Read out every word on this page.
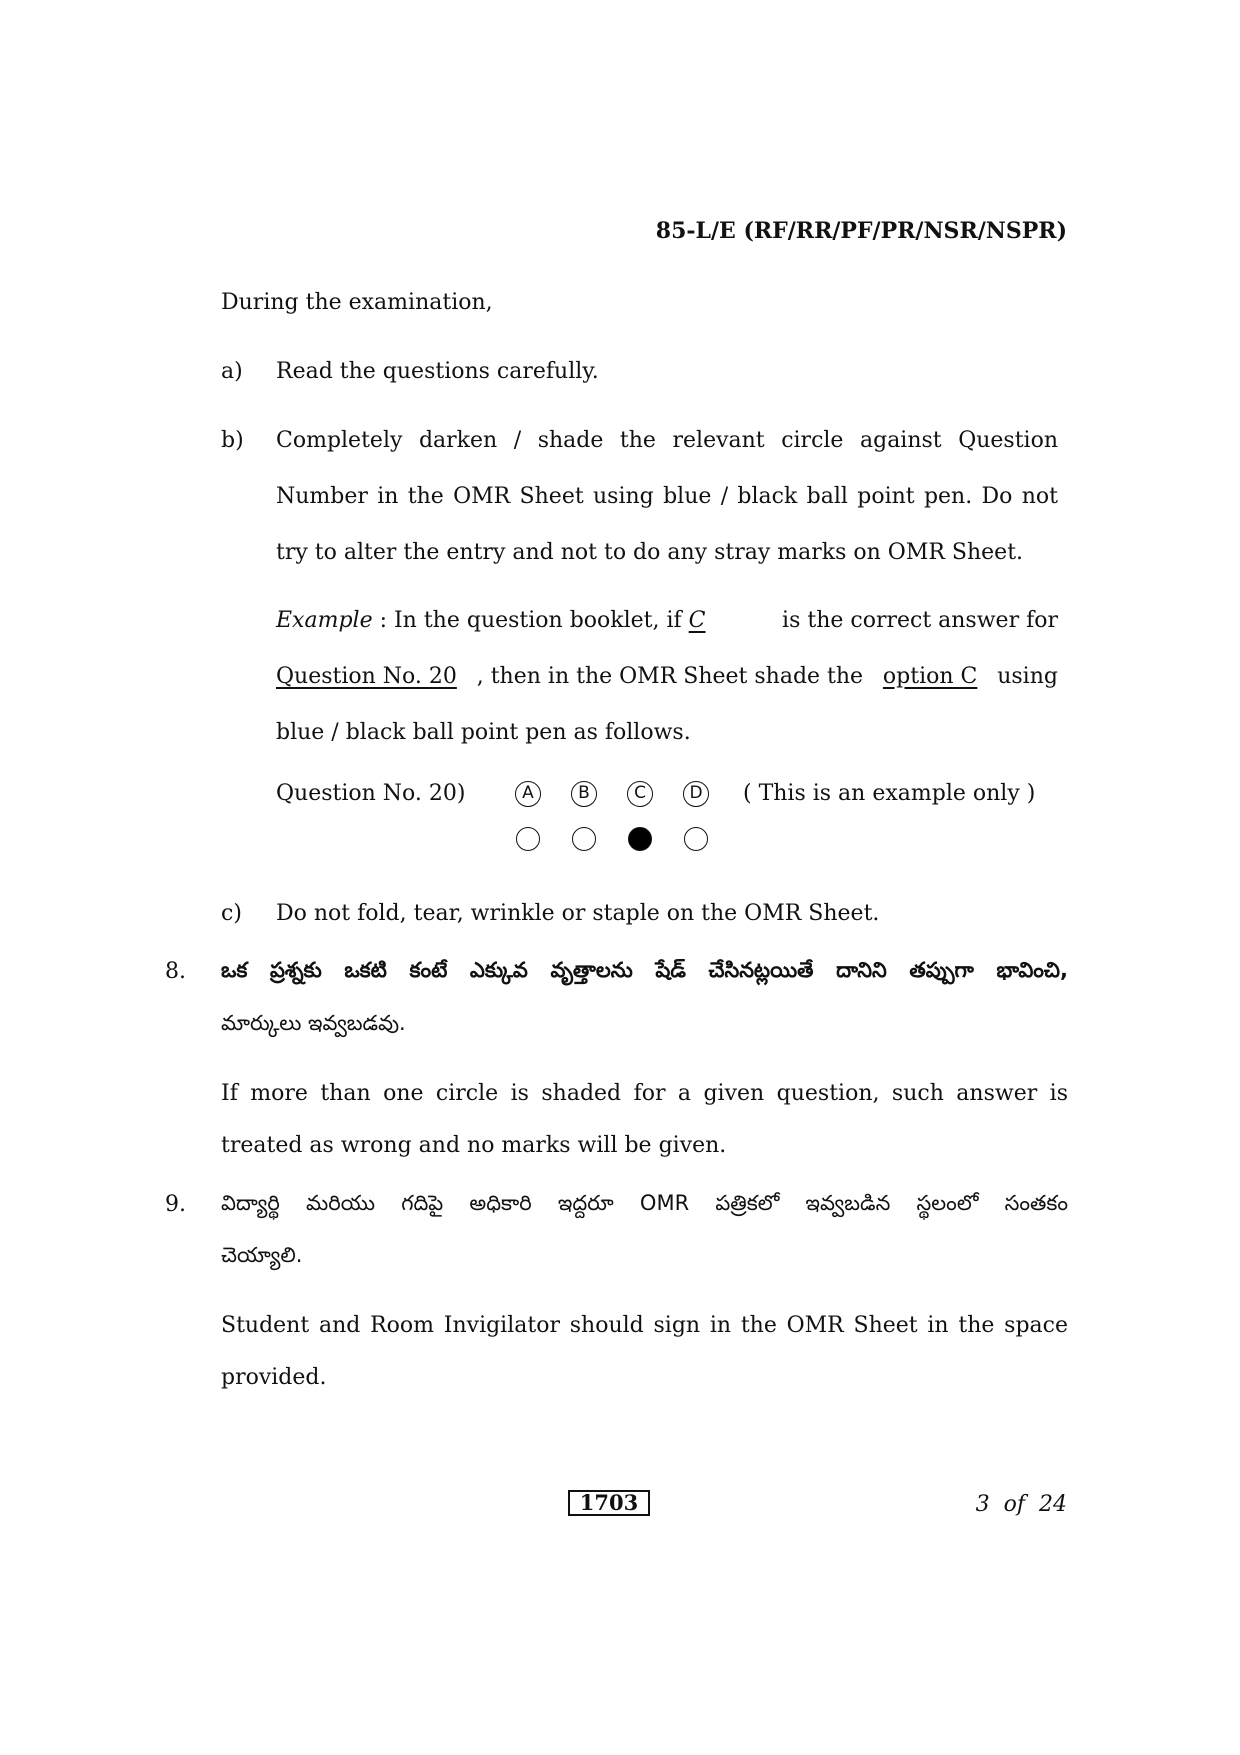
85-L/E (RF/RR/PF/PR/NSR/NSPR)
During the examination,
a) Read the questions carefully.
b) Completely darken / shade the relevant circle against Question
Number in the OMR Sheet using blue / black ball point pen. Do not
try to alter the entry and not to do any stray marks on OMR Sheet.
Example : In the question booklet, if C	is the correct answer for
Question No. 20 , then in the OMR Sheet shade the option C using
blue / black ball point pen as follows.
Question No. 20)	A	B	C	D ( This is an example only )
c) Do not fold, tear, wrinkle or staple on the OMR Sheet.
8. ఒక ప్రశ్నకు ఒకటి కంటే ఎక్కువ వృత్తాలను షేడ్ చేసినట్లయితే దానిని తప్పుగా భావించి,
మార్కులు ఇవ్వబడవు.
If more than one circle is shaded for a given question, such answer is
treated as wrong and no marks will be given.
9. విద్యార్థి మరియు గదిపై అధికారి ఇద్దరూ OMR పత్రికలో ఇవ్వబడిన స్థలంలో సంతకం
చెయ్యాలి.
Student and Room Invigilator should sign in the OMR Sheet in the space
provided.
1703	3 of 24
